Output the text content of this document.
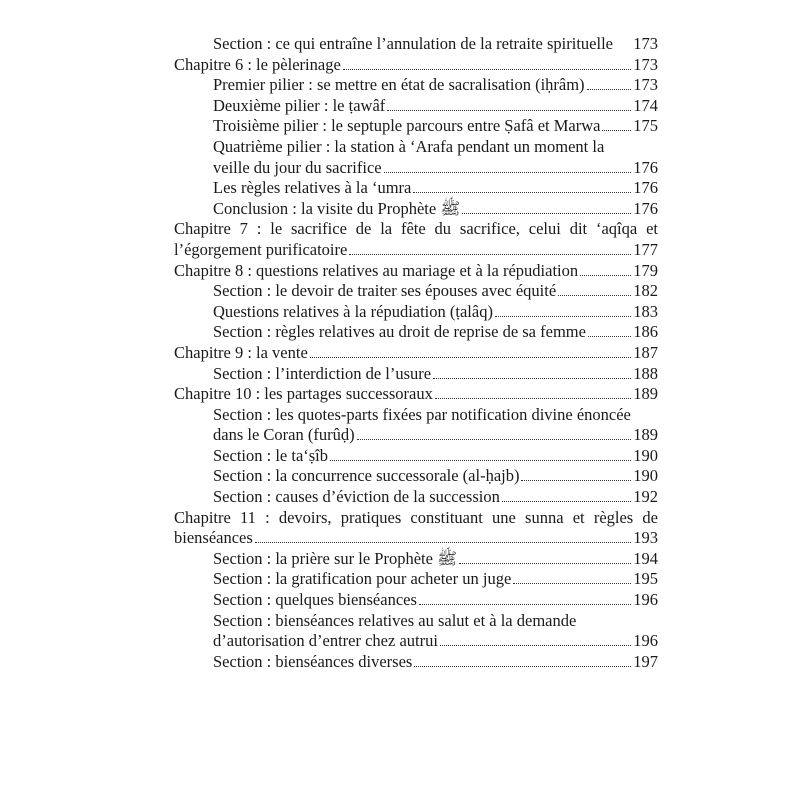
Section : ce qui entraîne l’annulation de la retraite spirituelle 173
Chapitre 6 : le pèlerinage	173
Premier pilier : se mettre en état de sacralisation (iḥrâm)	173
Deuxième pilier : le ṭawâf	174
Troisième pilier : le septuple parcours entre Ṣafâ et Marwa 175
Quatrième pilier : la station à ‘Arafa pendant un moment la
veille du jour du sacrifice	176
Les règles relatives à la ‘umra	176
Conclusion : la visite du Prophète ﷺ	176
Chapitre 7 : le sacrifice de la fête du sacrifice, celui dit ‘aqîqa et
l’égorgement purificatoire	177
Chapitre 8 : questions relatives au mariage et à la répudiation	179
Section : le devoir de traiter ses épouses avec équité	182
Questions relatives à la répudiation (ṭalâq)	183
Section : règles relatives au droit de reprise de sa femme	186
Chapitre 9 : la vente	187
Section : l’interdiction de l’usure	188
Chapitre 10 : les partages successoraux	189
Section : les quotes-parts fixées par notification divine énoncée
dans le Coran (furûḍ)	189
Section : le ta‘ṣîb	190
Section : la concurrence successorale (al-ḥajb)	190
Section : causes d’éviction de la succession	192
Chapitre 11 : devoirs, pratiques constituant une sunna et règles de
bienséances	193
Section : la prière sur le Prophète ﷺ	194
Section : la gratification pour acheter un juge	195
Section : quelques bienséances	196
Section : bienséances relatives au salut et à la demande
d’autorisation d’entrer chez autrui	196
Section : bienséances diverses	197
